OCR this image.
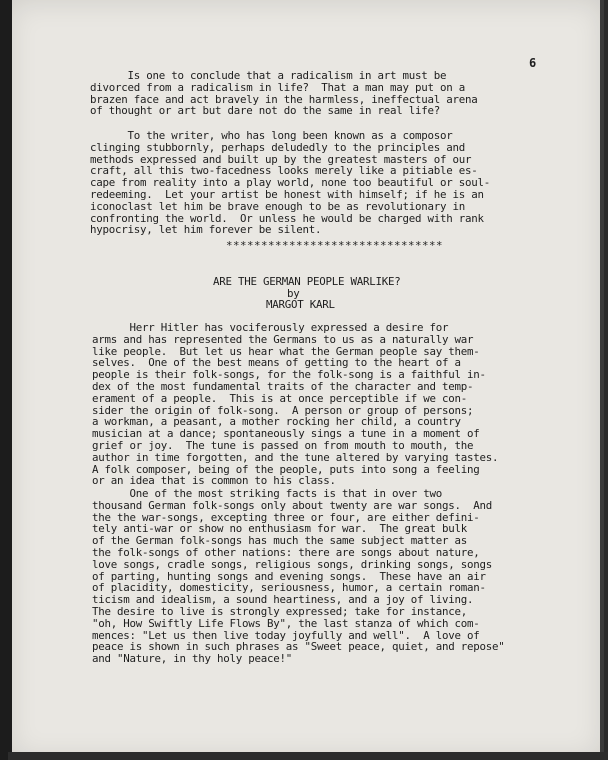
6

Is one to conclude that a radicalism in art must be
divorced from a radicalism in life?  That a man may put on a
brazen face and act bravely in the harmless, ineffectual arena
of thought or art but dare not do the same in real life?

To the writer, who has long been known as a composor
clinging stubbornly, perhaps deludedly to the principles and
methods expressed and built up by the greatest masters of our
craft, all this two-facedness looks merely like a pitiable es-
cape from reality into a play world, none too beautiful or soul-
redeeming.  Let your artist be honest with himself; if he is an
iconoclast let him be brave enough to be as revolutionary in
confronting the world.  Or unless he would be charged with rank
hypocrisy, let him forever be silent.

*******************************

ARE THE GERMAN PEOPLE WARLIKE?

by

MARGOT KARL

Herr Hitler has vociferously expressed a desire for
arms and has represented the Germans to us as a naturally war
like people.  But let us hear what the German people say them-
selves.  One of the best means of getting to the heart of a
people is their folk-songs, for the folk-song is a faithful in-
dex of the most fundamental traits of the character and temp-
erament of a people.  This is at once perceptible if we con-
sider the origin of folk-song.  A person or group of persons;
a workman, a peasant, a mother rocking her child, a country
musician at a dance; spontaneously sings a tune in a moment of
grief or joy.  The tune is passed on from mouth to mouth, the
author in time forgotten, and the tune altered by varying tastes.
A folk composer, being of the people, puts into song a feeling
or an idea that is common to his class.

One of the most striking facts is that in over two
thousand German folk-songs only about twenty are war songs.  And
the the war-songs, excepting three or four, are either defini-
tely anti-war or show no enthusiasm for war.  The great bulk
of the German folk-songs has much the same subject matter as
the folk-songs of other nations: there are songs about nature,
love songs, cradle songs, religious songs, drinking songs, songs
of parting, hunting songs and evening songs.  These have an air
of placidity, domesticity, seriousness, humor, a certain roman-
ticism and idealism, a sound heartiness, and a joy of living.
The desire to live is strongly expressed; take for instance,
"oh, How Swiftly Life Flows By", the last stanza of which com-
mences: "Let us then live today joyfully and well".  A love of
peace is shown in such phrases as "Sweet peace, quiet, and repose"
and "Nature, in thy holy peace!"
